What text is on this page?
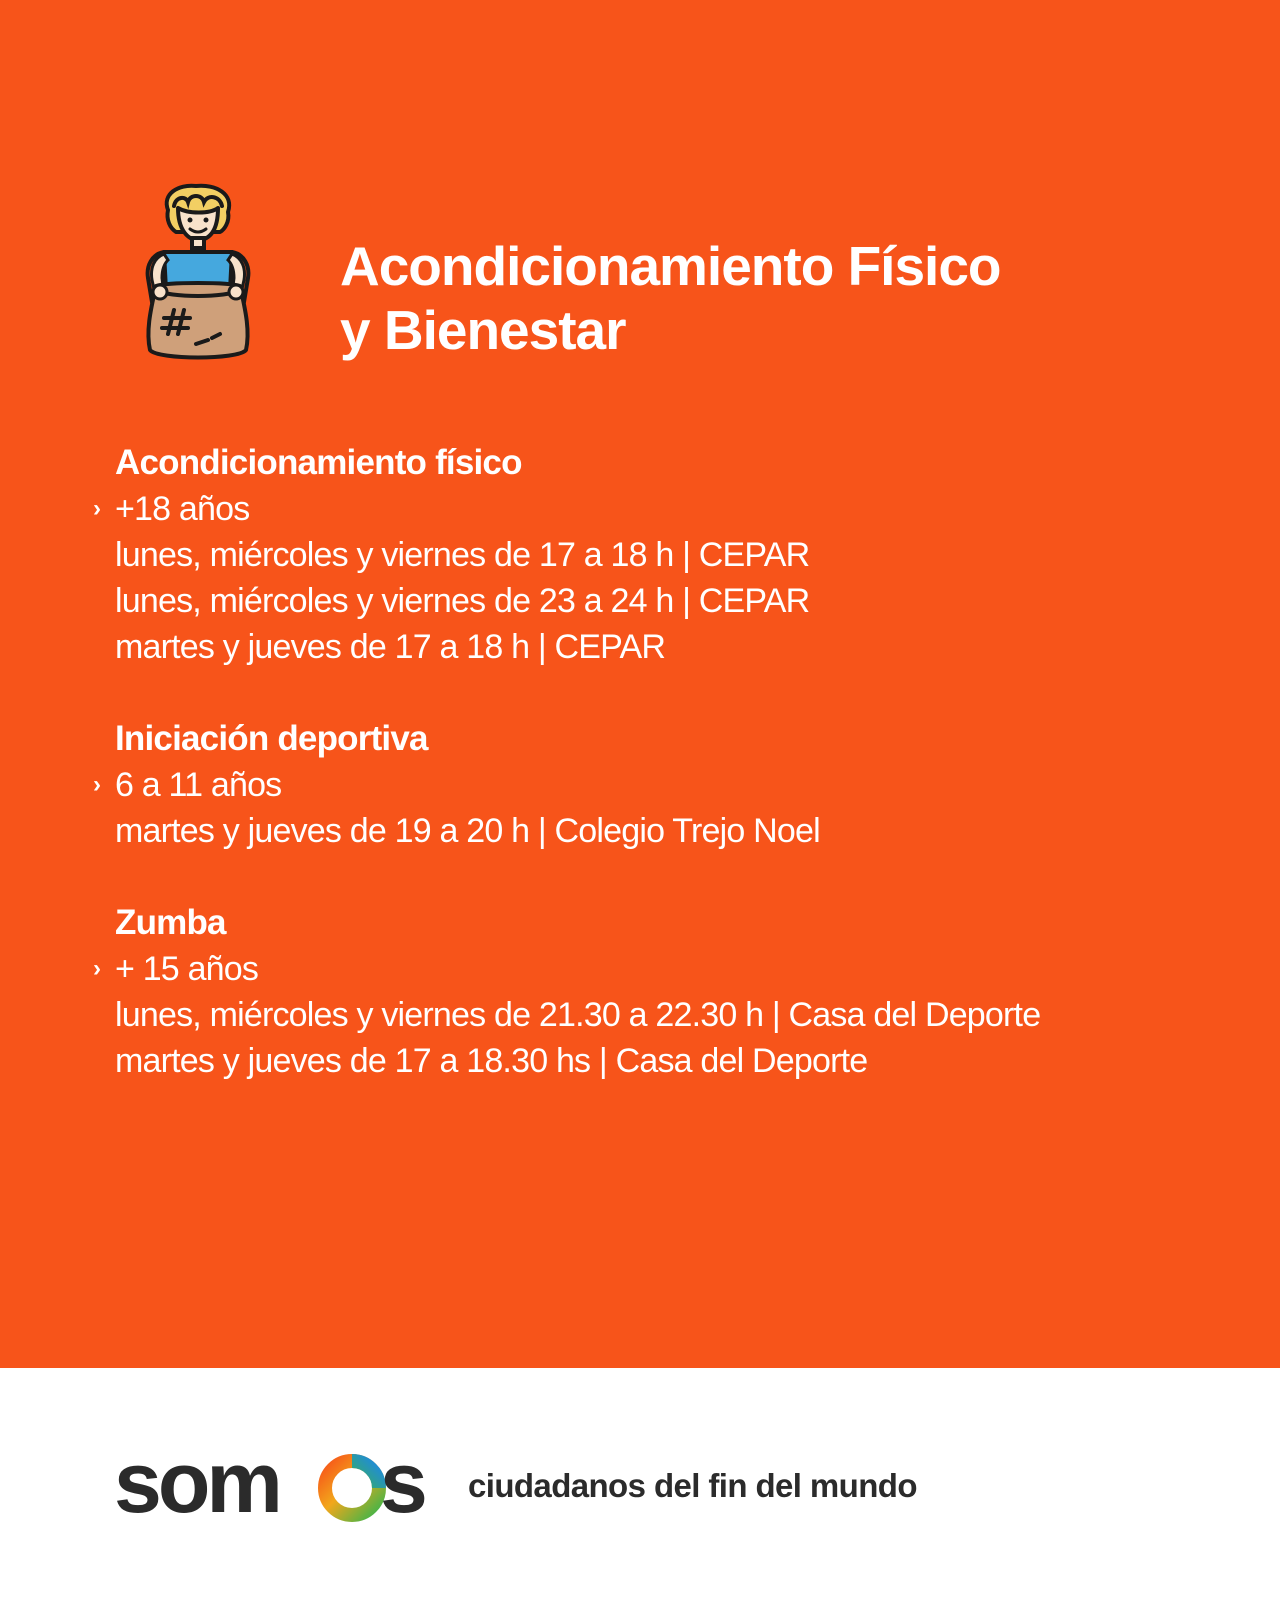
Acondicionamiento Físico
y Bienestar
Acondicionamiento físico
› +18 años
lunes, miércoles y viernes de 17 a 18 h | CEPAR
lunes, miércoles y viernes de 23 a 24 h | CEPAR
martes y jueves de 17 a 18 h | CEPAR
Iniciación deportiva
› 6 a 11 años
martes y jueves de 19 a 20 h | Colegio Trejo Noel
Zumba
› + 15 años
lunes, miércoles y viernes de 21.30 a 22.30 h | Casa del Deporte
martes y jueves de 17 a 18.30 hs | Casa del Deporte
som s ciudadanos del fin del mundo
